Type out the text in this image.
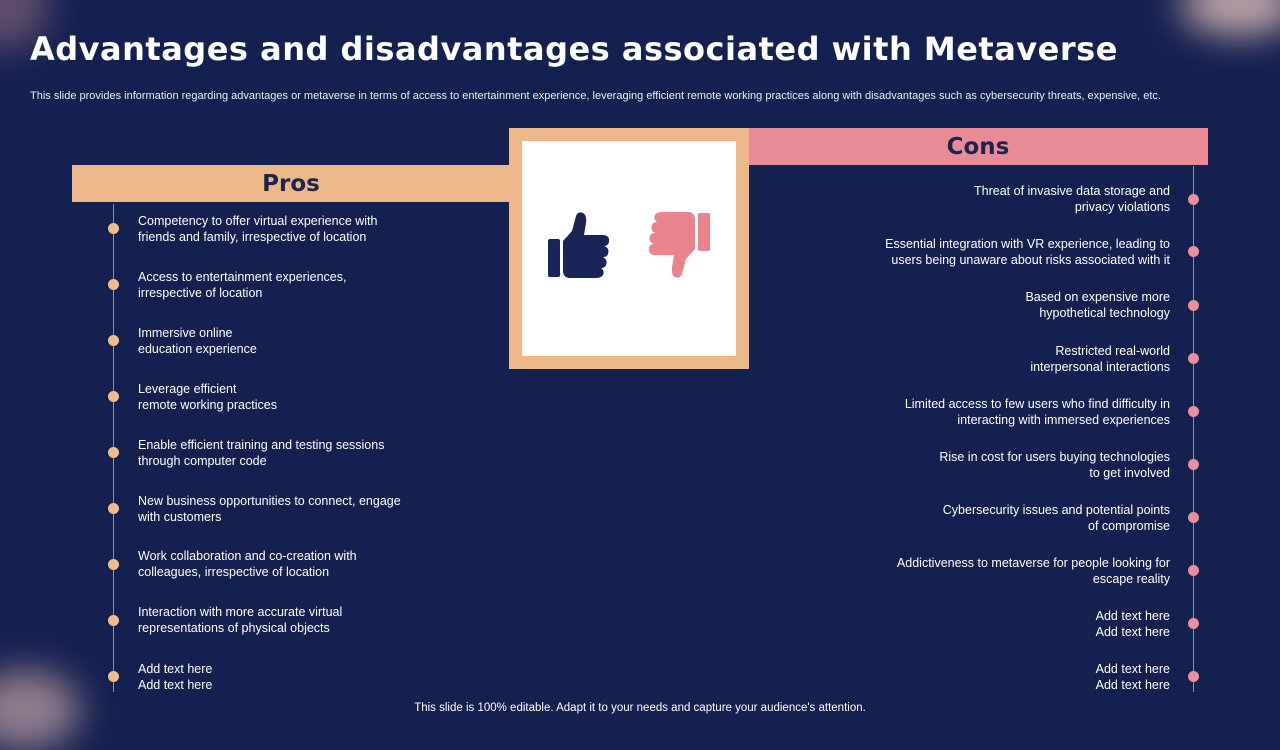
Advantages and disadvantages associated with Metaverse

This slide provides information regarding advantages or metaverse in terms of access to entertainment experience, leveraging efficient remote working practices along with disadvantages such as cybersecurity threats, expensive, etc.

Pros
Cons
Competency to offer virtual experience with
friends and family, irrespective of location
Access to entertainment experiences,
irrespective of location
Immersive online
education experience
Leverage efficient
remote working practices
Enable efficient training and testing sessions
through computer code
New business opportunities to connect, engage
with customers
Work collaboration and co-creation with
colleagues, irrespective of location
Interaction with more accurate virtual
representations of physical objects
Add text here
Add text here
Threat of invasive data storage and
privacy violations
Essential integration with VR experience, leading to
users being unaware about risks associated with it
Based on expensive more
hypothetical technology
Restricted real-world
interpersonal interactions
Limited access to few users who find difficulty in
interacting with immersed experiences
Rise in cost for users buying technologies
to get involved
Cybersecurity issues and potential points
of compromise
Addictiveness to metaverse for people looking for
escape reality
Add text here
Add text here
Add text here
Add text here
This slide is 100% editable. Adapt it to your needs and capture your audience's attention.
